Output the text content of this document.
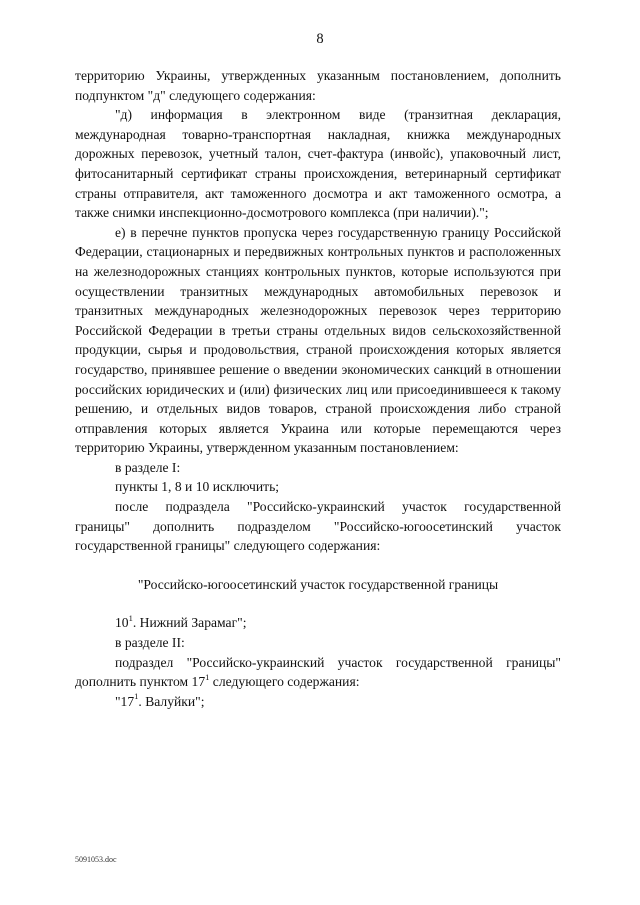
8

территорию Украины, утвержденных указанным постановлением, дополнить подпунктом "д" следующего содержания:

"д) информация в электронном виде (транзитная декларация, международная товарно-транспортная накладная, книжка международных дорожных перевозок, учетный талон, счет-фактура (инвойс), упаковочный лист, фитосанитарный сертификат страны происхождения, ветеринарный сертификат страны отправителя, акт таможенного досмотра и акт таможенного осмотра, а также снимки инспекционно-досмотрового комплекса (при наличии).";

е) в перечне пунктов пропуска через государственную границу Российской Федерации, стационарных и передвижных контрольных пунктов и расположенных на железнодорожных станциях контрольных пунктов, которые используются при осуществлении транзитных международных автомобильных перевозок и транзитных международных железнодорожных перевозок через территорию Российской Федерации в третьи страны отдельных видов сельскохозяйственной продукции, сырья и продовольствия, страной происхождения которых является государство, принявшее решение о введении экономических санкций в отношении российских юридических и (или) физических лиц или присоединившееся к такому решению, и отдельных видов товаров, страной происхождения либо страной отправления которых является Украина или которые перемещаются через территорию Украины, утвержденном указанным постановлением:

в разделе I:

пункты 1, 8 и 10 исключить;

после подраздела "Российско-украинский участок государственной границы" дополнить подразделом "Российско-югоосетинский участок государственной границы" следующего содержания:

"Российско-югоосетинский участок государственной границы

$10^1$. Нижний Зарамаг";

в разделе II:

подраздел "Российско-украинский участок государственной границы" дополнить пунктом $17^1$ следующего содержания:

"$17^1$. Валуйки";

5091053.doc
